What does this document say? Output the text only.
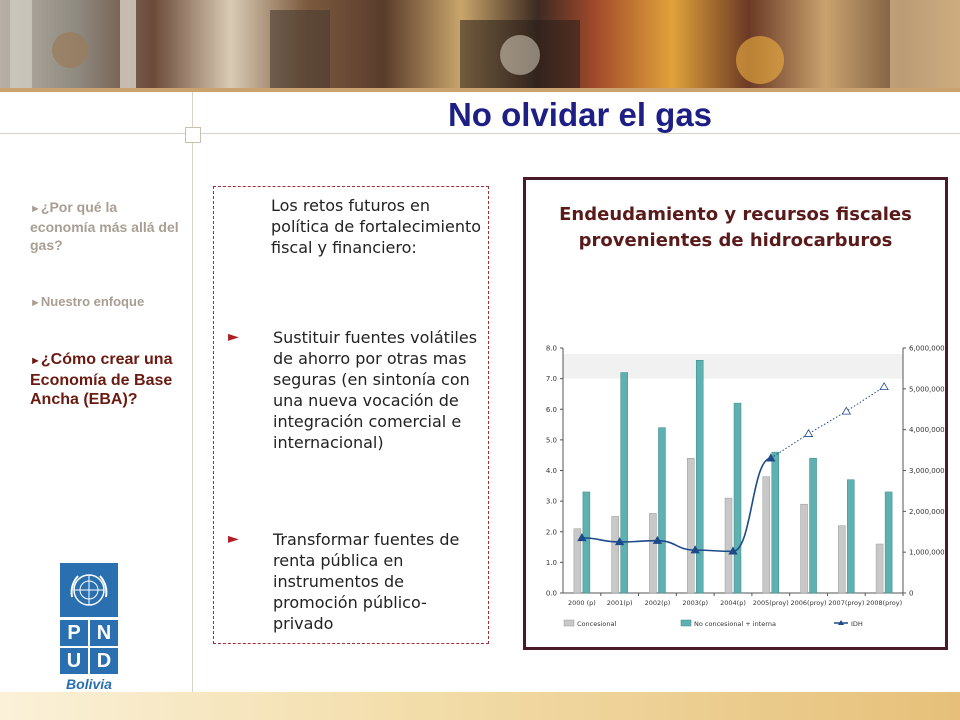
No olvidar el gas
►¿Por qué la economía más allá del gas?
►Nuestro enfoque
►¿Cómo crear una Economía de Base Ancha (EBA)?
P N
U D
Bolivia
Los retos futuros en política de fortalecimiento fiscal y financiero:
► Sustituir fuentes volátiles de ahorro por otras mas seguras (en sintonía con una nueva vocación de integración comercial e internacional)
► Transformar fuentes de renta pública en instrumentos de promoción público-privado
Endeudamiento y recursos fiscales provenientes de hidrocarburos
0.0
1.0
2.0
3.0
4.0
5.0
6.0
7.0
8.0
0
1,000,000
2,000,000
3,000,000
4,000,000
5,000,000
6,000,000
2000 (p) 2001(p) 2002(p) 2003(p) 2004(p) 2005(proy) 2006(proy) 2007(proy) 2008(proy)
Concesional	No concesional + interna	IDH
